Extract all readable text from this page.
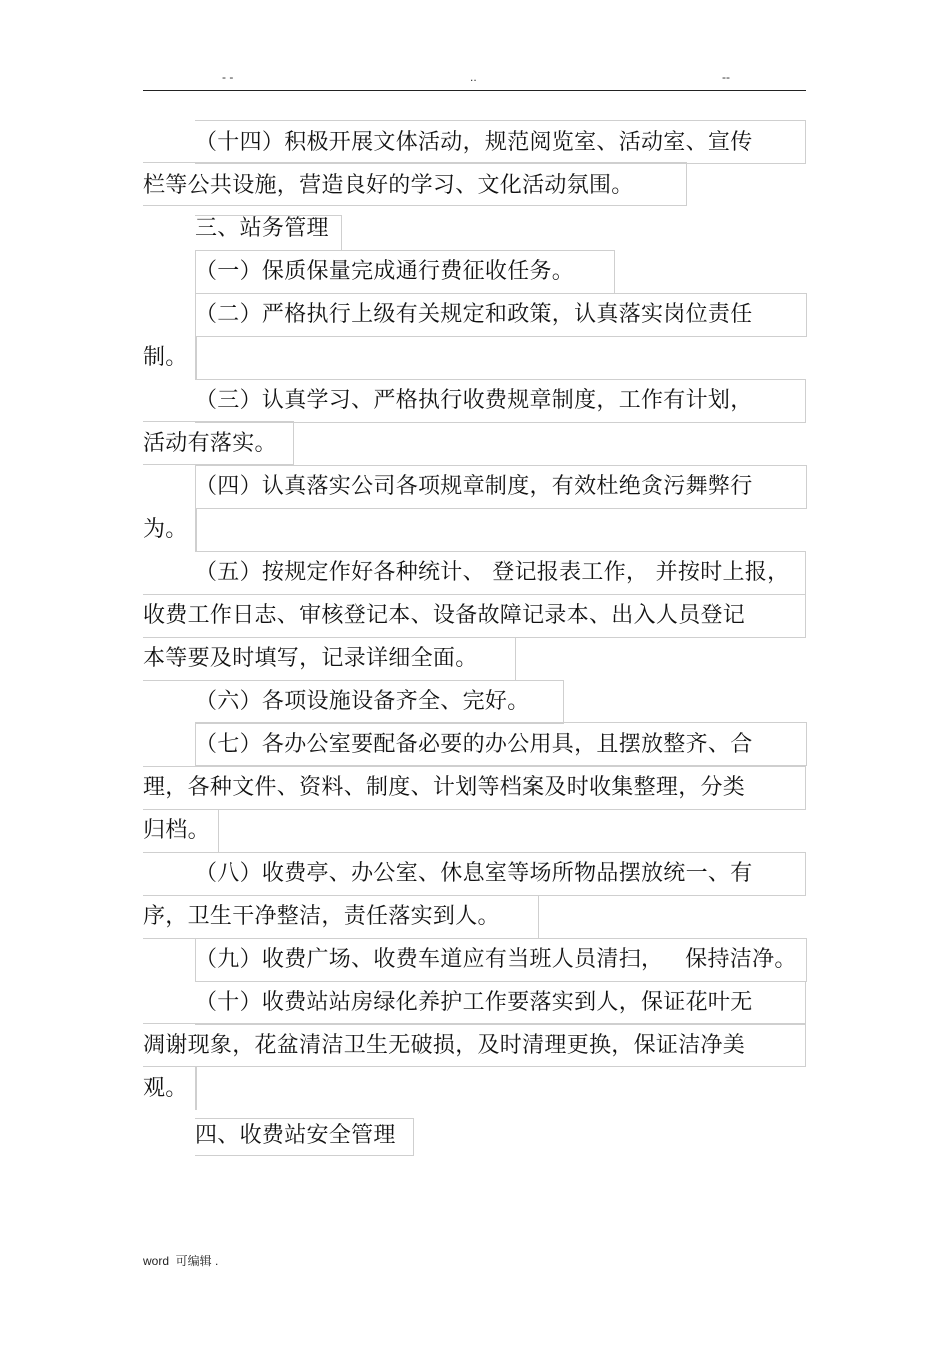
- -	..	--
（十四）积极开展文体活动，规范阅览室、活动室、宣传
栏等公共设施，营造良好的学习、文化活动氛围。
三、站务管理
（一）保质保量完成通行费征收任务。
（二）严格执行上级有关规定和政策，认真落实岗位责任
制。
（三）认真学习、严格执行收费规章制度，工作有计划，
活动有落实。
（四）认真落实公司各项规章制度，有效杜绝贪污舞弊行
为。
（五）按规定作好各种统计、 登记报表工作， 并按时上报，
收费工作日志、审核登记本、设备故障记录本、出入人员登记
本等要及时填写，记录详细全面。
（六）各项设施设备齐全、完好。
（七）各办公室要配备必要的办公用具，且摆放整齐、合
理，各种文件、资料、制度、计划等档案及时收集整理，分类
归档。
（八）收费亭、办公室、休息室等场所物品摆放统一、有
序，卫生干净整洁，责任落实到人。
（九）收费广场、收费车道应有当班人员清扫，   保持洁净。
（十）收费站站房绿化养护工作要落实到人，保证花叶无
凋谢现象，花盆清洁卫生无破损，及时清理更换，保证洁净美
观。
四、收费站安全管理
word  可编辑 .
